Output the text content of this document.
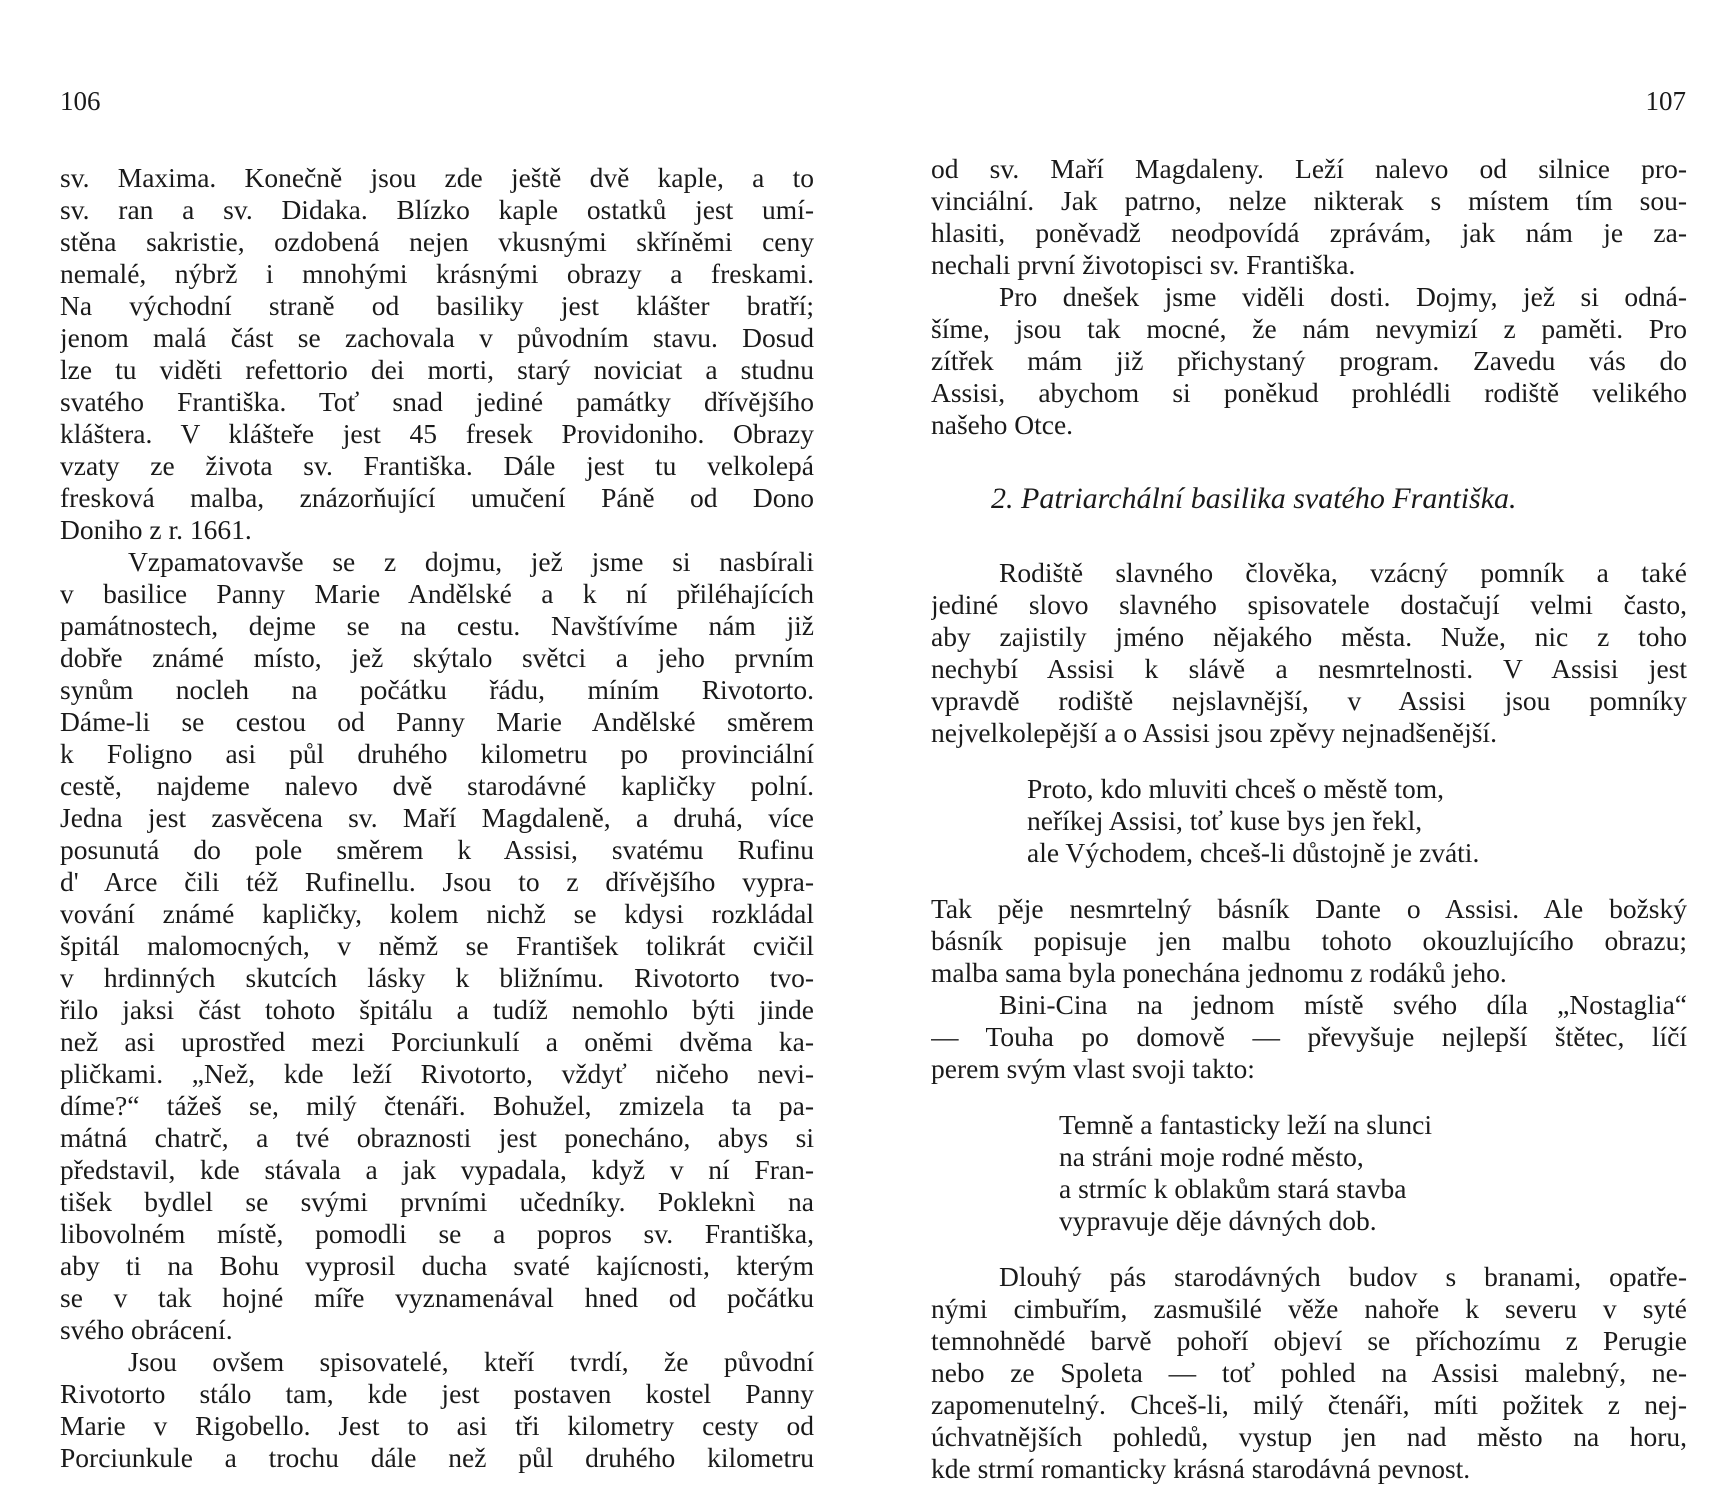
106
sv. Maxima. Konečně jsou zde ještě dvě kaple, a to
sv. ran a sv. Didaka. Blízko kaple ostatků jest umí-
stěna sakristie, ozdobená nejen vkusnými skříněmi ceny
nemalé, nýbrž i mnohými krásnými obrazy a freskami.
Na východní straně od basiliky jest klášter bratří;
jenom malá část se zachovala v původním stavu. Dosud
lze tu viděti refettorio dei morti, starý noviciat a studnu
svatého Františka. Toť snad jediné památky dřívějšího
kláštera. V klášteře jest 45 fresek Providoniho. Obrazy
vzaty ze života sv. Františka. Dále jest tu velkolepá
fresková malba, znázorňující umučení Páně od Dono
Doniho z r. 1661.
Vzpamatovavše se z dojmu, jež jsme si nasbírali
v basilice Panny Marie Andělské a k ní přiléhajících
památnostech, dejme se na cestu. Navštívíme nám již
dobře známé místo, jež skýtalo světci a jeho prvním
synům nocleh na počátku řádu, míním Rivotorto.
Dáme-li se cestou od Panny Marie Andělské směrem
k Foligno asi půl druhého kilometru po provinciální
cestě, najdeme nalevo dvě starodávné kapličky polní.
Jedna jest zasvěcena sv. Maří Magdaleně, a druhá, více
posunutá do pole směrem k Assisi, svatému Rufinu
d' Arce čili též Rufinellu. Jsou to z dřívějšího vypra-
vování známé kapličky, kolem nichž se kdysi rozkládal
špitál malomocných, v němž se František tolikrát cvičil
v hrdinných skutcích lásky k bližnímu. Rivotorto tvo-
řilo jaksi část tohoto špitálu a tudíž nemohlo býti jinde
než asi uprostřed mezi Porciunkulí a oněmi dvěma ka-
pličkami. „Než, kde leží Rivotorto, vždyť ničeho nevi-
díme?“ tážeš se, milý čtenáři. Bohužel, zmizela ta pa-
mátná chatrč, a tvé obraznosti jest ponecháno, abys si
představil, kde stávala a jak vypadala, když v ní Fran-
tišek bydlel se svými prvními učedníky. Pokleknì na
libovolném místě, pomodli se a popros sv. Františka,
aby ti na Bohu vyprosil ducha svaté kajícnosti, kterým
se v tak hojné míře vyznamenával hned od počátku
svého obrácení.
Jsou ovšem spisovatelé, kteří tvrdí, že původní
Rivotorto stálo tam, kde jest postaven kostel Panny
Marie v Rigobello. Jest to asi tři kilometry cesty od
Porciunkule a trochu dále než půl druhého kilometru
107
od sv. Maří Magdaleny. Leží nalevo od silnice pro-
vinciální. Jak patrno, nelze nikterak s místem tím sou-
hlasiti, poněvadž neodpovídá zprávám, jak nám je za-
nechali první životopisci sv. Františka.
Pro dnešek jsme viděli dosti. Dojmy, jež si odná-
šíme, jsou tak mocné, že nám nevymizí z paměti. Pro
zítřek mám již přichystaný program. Zavedu vás do
Assisi, abychom si poněkud prohlédli rodiště velikého
našeho Otce.
2. Patriarchální basilika svatého Františka.
Rodiště slavného člověka, vzácný pomník a také
jediné slovo slavného spisovatele dostačují velmi často,
aby zajistily jméno nějakého města. Nuže, nic z toho
nechybí Assisi k slávě a nesmrtelnosti. V Assisi jest
vpravdě rodiště nejslavnější, v Assisi jsou pomníky
nejvelkolepější a o Assisi jsou zpěvy nejnadšenější.
Proto, kdo mluviti chceš o městě tom,
neříkej Assisi, toť kuse bys jen řekl,
ale Východem, chceš-li důstojně je zváti.
Tak pěje nesmrtelný básník Dante o Assisi. Ale božský
básník popisuje jen malbu tohoto okouzlujícího obrazu;
malba sama byla ponechána jednomu z rodáků jeho.
Bini-Cina na jednom místě svého díla „Nostaglia“
— Touha po domově — převyšuje nejlepší štětec, líčí
perem svým vlast svoji takto:
Temně a fantasticky leží na slunci
na stráni moje rodné město,
a strmíc k oblakům stará stavba
vypravuje děje dávných dob.
Dlouhý pás starodávných budov s branami, opatře-
nými cimbuřím, zasmušilé věže nahoře k severu v syté
temnohnědé barvě pohoří objeví se příchozímu z Perugie
nebo ze Spoleta — toť pohled na Assisi malebný, ne-
zapomenutelný. Chceš-li, milý čtenáři, míti požitek z nej-
úchvatnějších pohledů, vystup jen nad město na horu,
kde strmí romanticky krásná starodávná pevnost.
